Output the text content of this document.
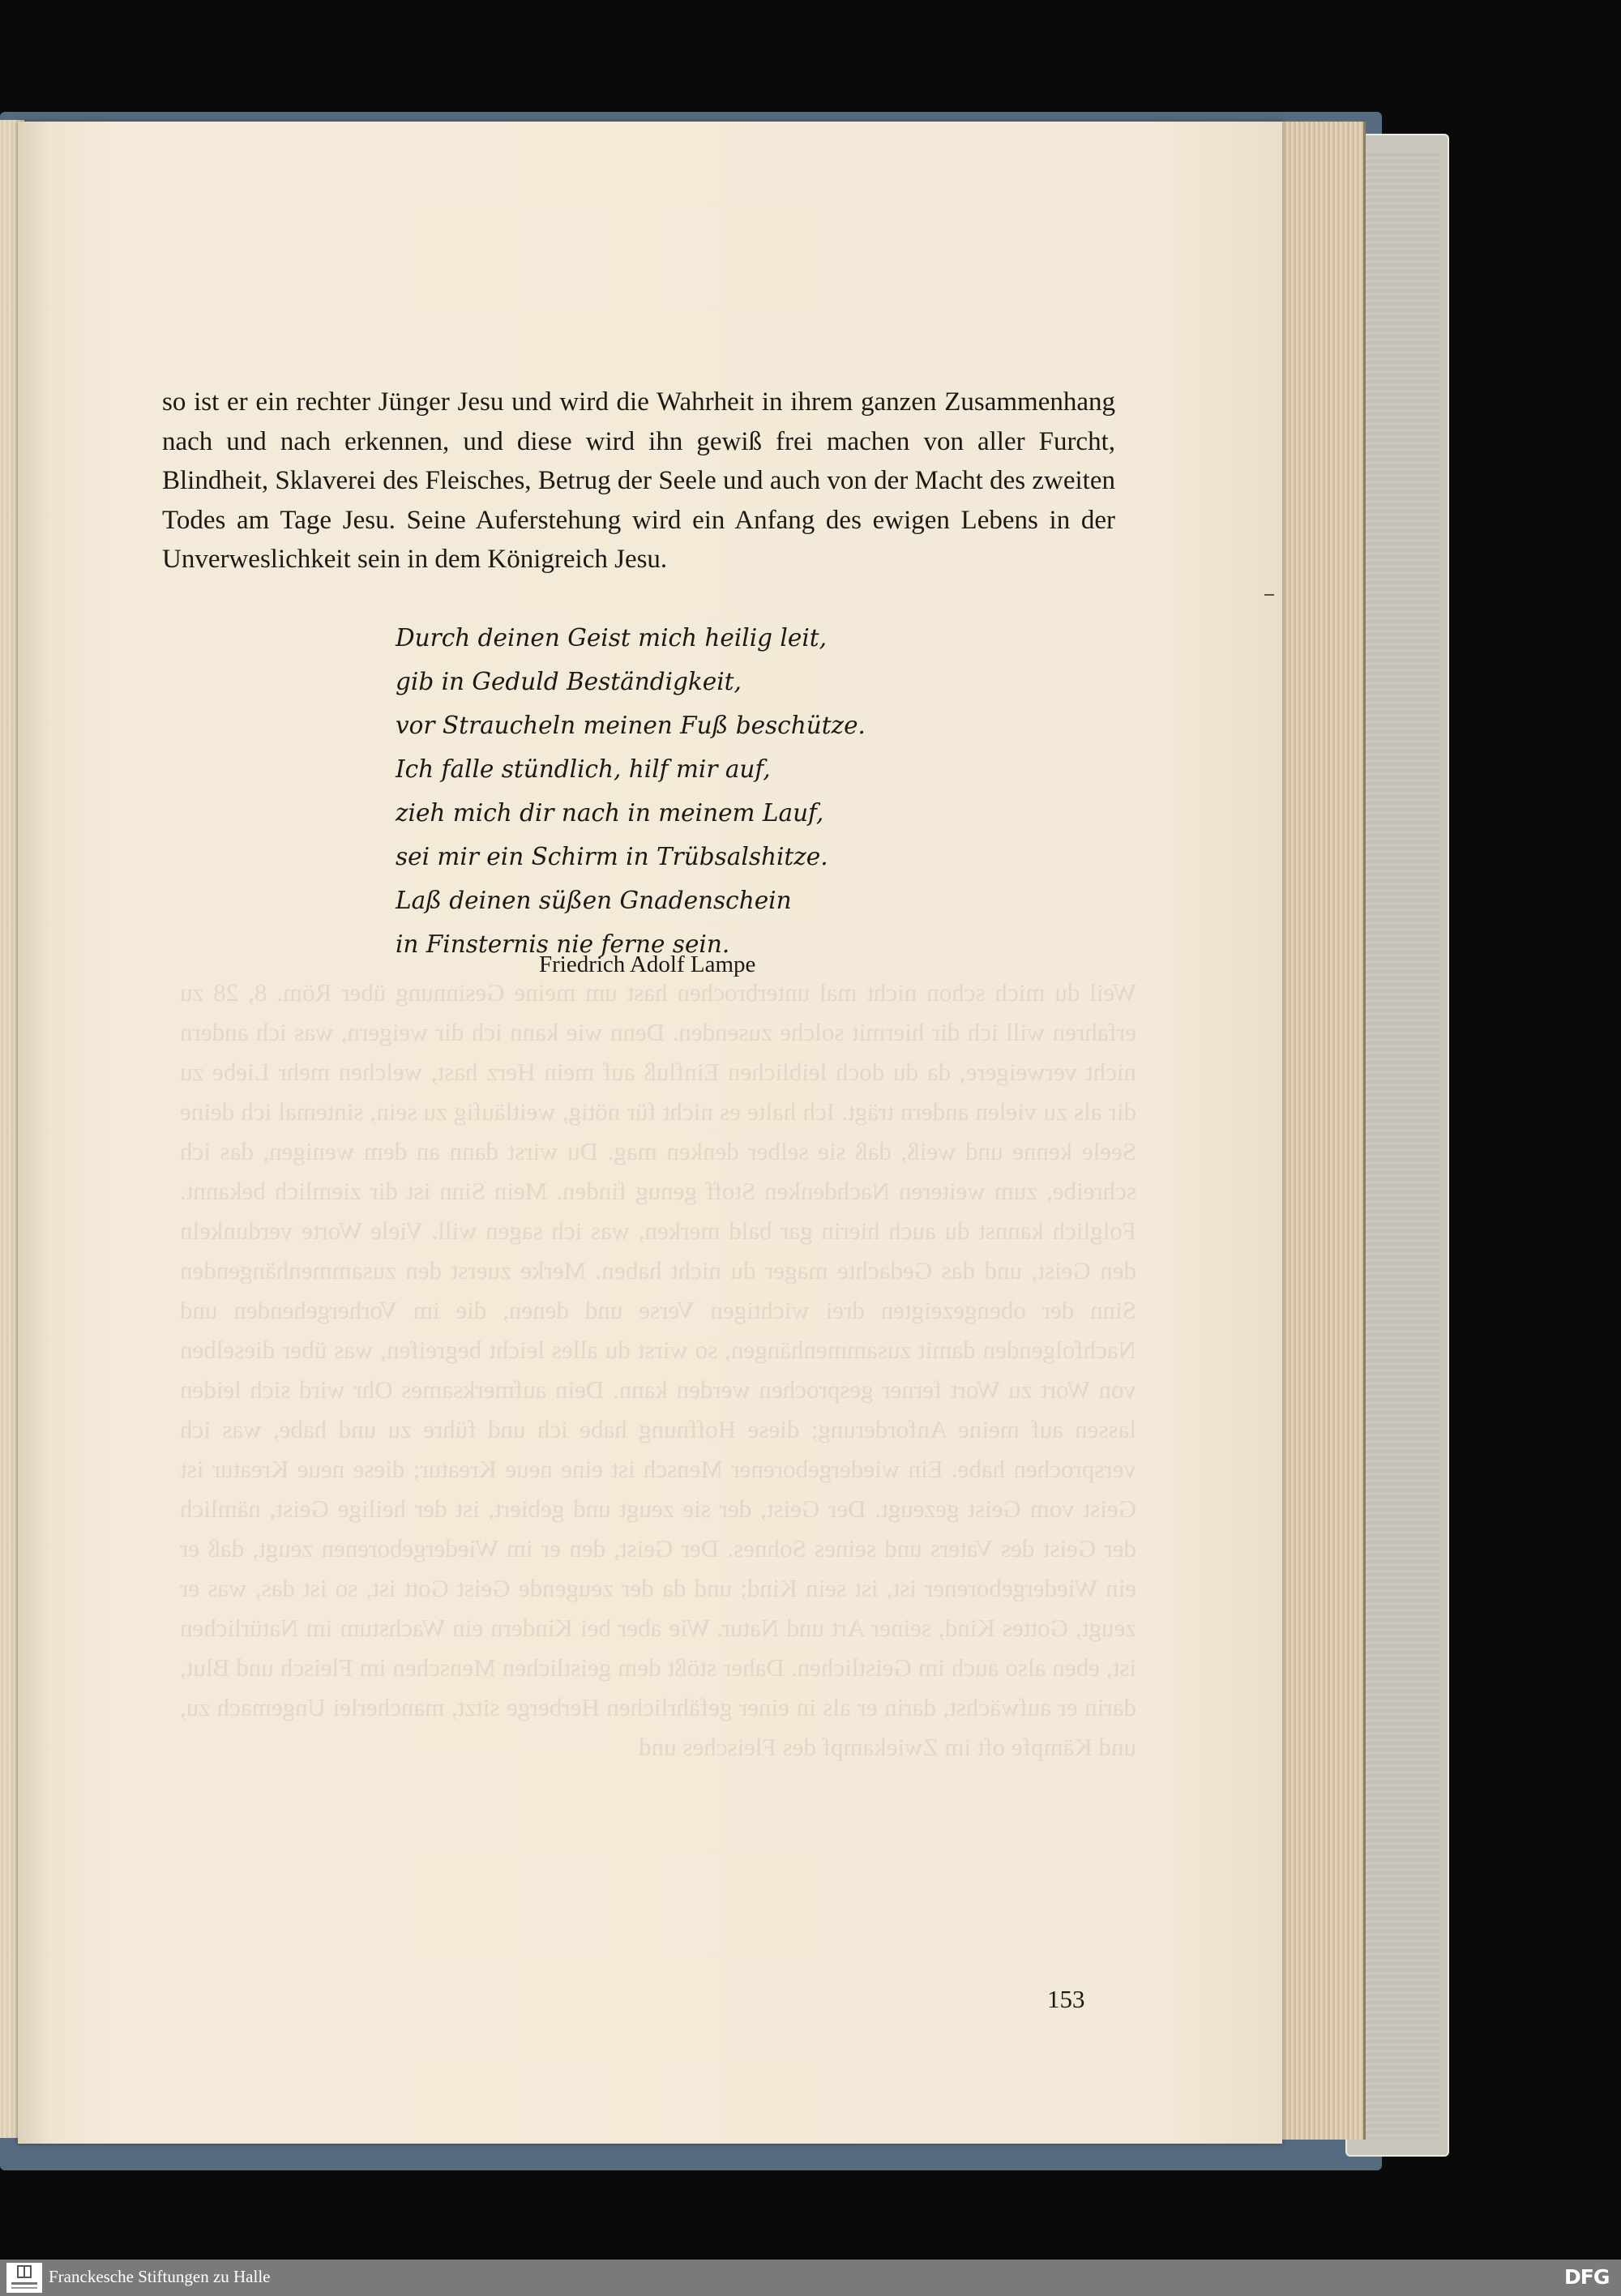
Weil du mich schon nicht mal unterbrochen hast um meine Gesinnung über Röm. 8, 28 zu erfahren will ich dir hiermit solche zusenden. Denn wie kann ich dir weigern, was ich andern nicht verweigere, da du doch leiblichen Einfluß auf mein Herz hast, welchen mehr Liebe zu dir als zu vielen andern trägt. Ich halte es nicht für nötig, weitläufig zu sein, sintemal ich deine Seele kenne und weiß, daß sie selber denken mag. Du wirst dann an dem wenigen, das ich schreibe, zum weiteren Nachdenken Stoff genug finden. Mein Sinn ist dir ziemlich bekannt. Folglich kannst du auch hierin gar bald merken, was ich sagen will. Viele Worte verdunkeln den Geist, und das Gedachte mager du nicht haben. Merke zuerst den zusammenhängenden Sinn der obengezeigten drei wichtigen Verse und denen, die im Vorhergehenden und Nachfolgenden damit zusammenhängen, so wirst du alles leicht begreifen, was über dieselben von Wort zu Wort ferner gesprochen werden kann. Dein aufmerksames Ohr wird sich leiden lassen auf meine Anforderung; diese Hoffnung habe ich und führe zu und habe, was ich versprochen habe. Ein wiedergeborener Mensch ist eine neue Kreatur; diese neue Kreatur ist Geist vom Geist gezeugt. Der Geist, der sie zeugt und gebiert, ist der heilige Geist, nämlich der Geist des Vaters und seines Sohnes. Der Geist, den er im Wiedergeborenen zeugt, daß er ein Wiedergeborener ist, ist sein Kind; und da der zeugende Geist Gott ist, so ist das, was er zeugt, Gottes Kind, seiner Art und Natur. Wie aber bei Kindern ein Wachstum im Natürlichen ist, eben also auch im Geistlichen. Daher stößt dem geistlichen Menschen im Fleisch und Blut, darin er aufwächst, darin er als in einer gefährlichen Herberge sitzt, mancherlei Ungemach zu, und Kämpfe oft im Zwiekampf des Fleisches und

so ist er ein rechter Jünger Jesu und wird die Wahrheit in ihrem ganzen Zusammenhang nach und nach erkennen, und diese wird ihn gewiß frei machen von aller Furcht, Blindheit, Sklaverei des Fleisches, Betrug der Seele und auch von der Macht des zweiten Todes am Tage Jesu. Seine Auferstehung wird ein Anfang des ewigen Lebens in der Unverweslichkeit sein in dem Königreich Jesu.

Durch deinen Geist mich heilig leit,
gib in Geduld Beständigkeit,
vor Straucheln meinen Fuß beschütze.
Ich falle stündlich, hilf mir auf,
zieh mich dir nach in meinem Lauf,
sei mir ein Schirm in Trübsalshitze.
Laß deinen süßen Gnadenschein
in Finsternis nie ferne sein.
Friedrich Adolf Lampe
153
Franckesche Stiftungen zu Halle	DFG
